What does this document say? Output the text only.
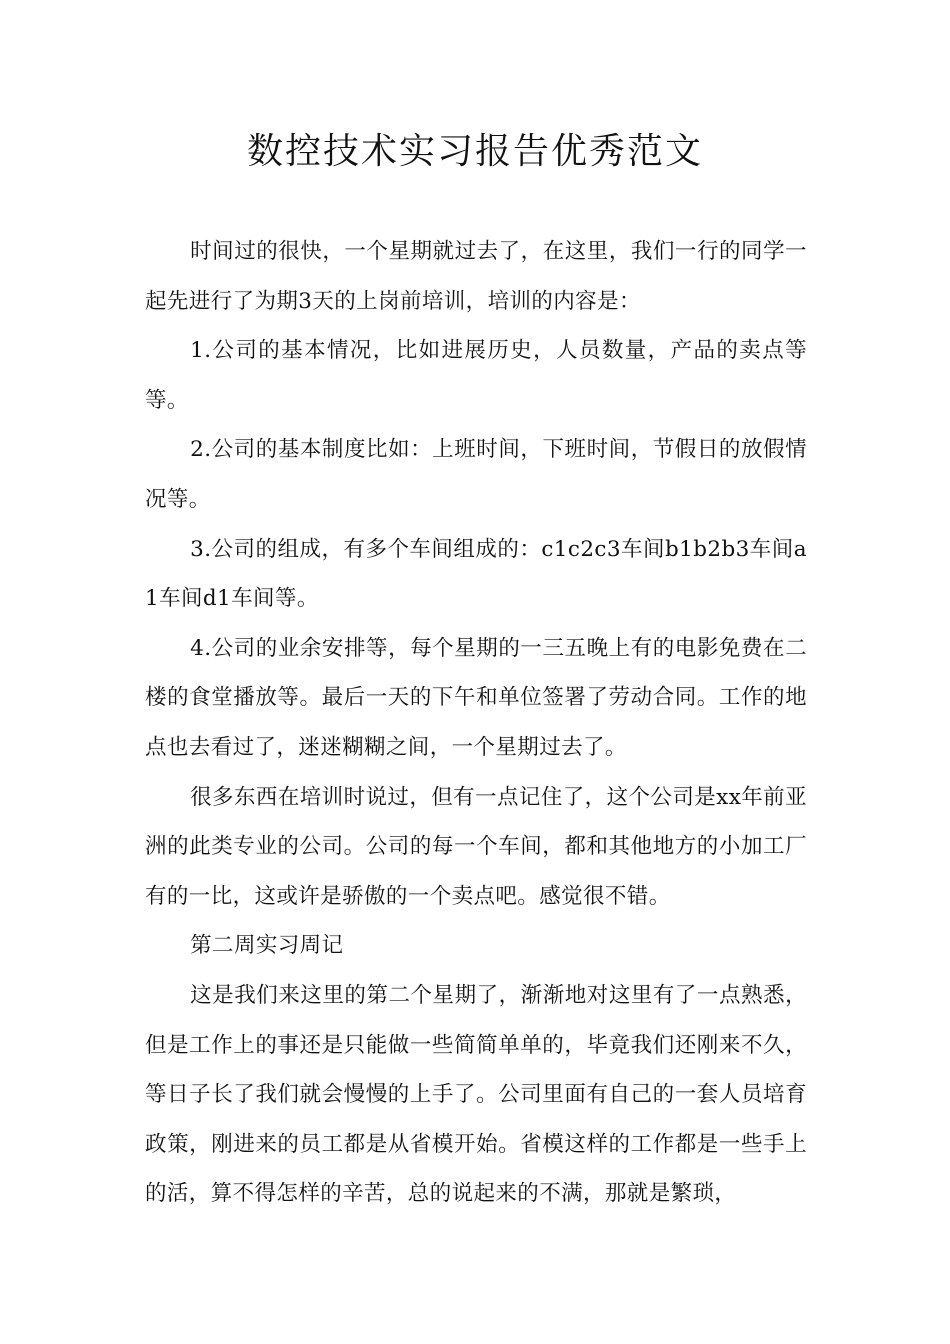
数控技术实习报告优秀范文

时间过的很快，一个星期就过去了，在这里，我们一行的同学一起先进行了为期3天的上岗前培训，培训的内容是：

1.公司的基本情况，比如进展历史，人员数量，产品的卖点等等。

2.公司的基本制度比如：上班时间，下班时间，节假日的放假情况等。

3.公司的组成，有多个车间组成的：c1c2c3车间b1b2b3车间a1车间d1车间等。

4.公司的业余安排等，每个星期的一三五晚上有的电影免费在二楼的食堂播放等。最后一天的下午和单位签署了劳动合同。工作的地点也去看过了，迷迷糊糊之间，一个星期过去了。

很多东西在培训时说过，但有一点记住了，这个公司是xx年前亚洲的此类专业的公司。公司的每一个车间，都和其他地方的小加工厂有的一比，这或许是骄傲的一个卖点吧。感觉很不错。

第二周实习周记

这是我们来这里的第二个星期了，渐渐地对这里有了一点熟悉，但是工作上的事还是只能做一些简简单单的，毕竟我们还刚来不久，等日子长了我们就会慢慢的上手了。公司里面有自己的一套人员培育政策，刚进来的员工都是从省模开始。省模这样的工作都是一些手上的活，算不得怎样的辛苦，总的说起来的不满，那就是繁琐，
